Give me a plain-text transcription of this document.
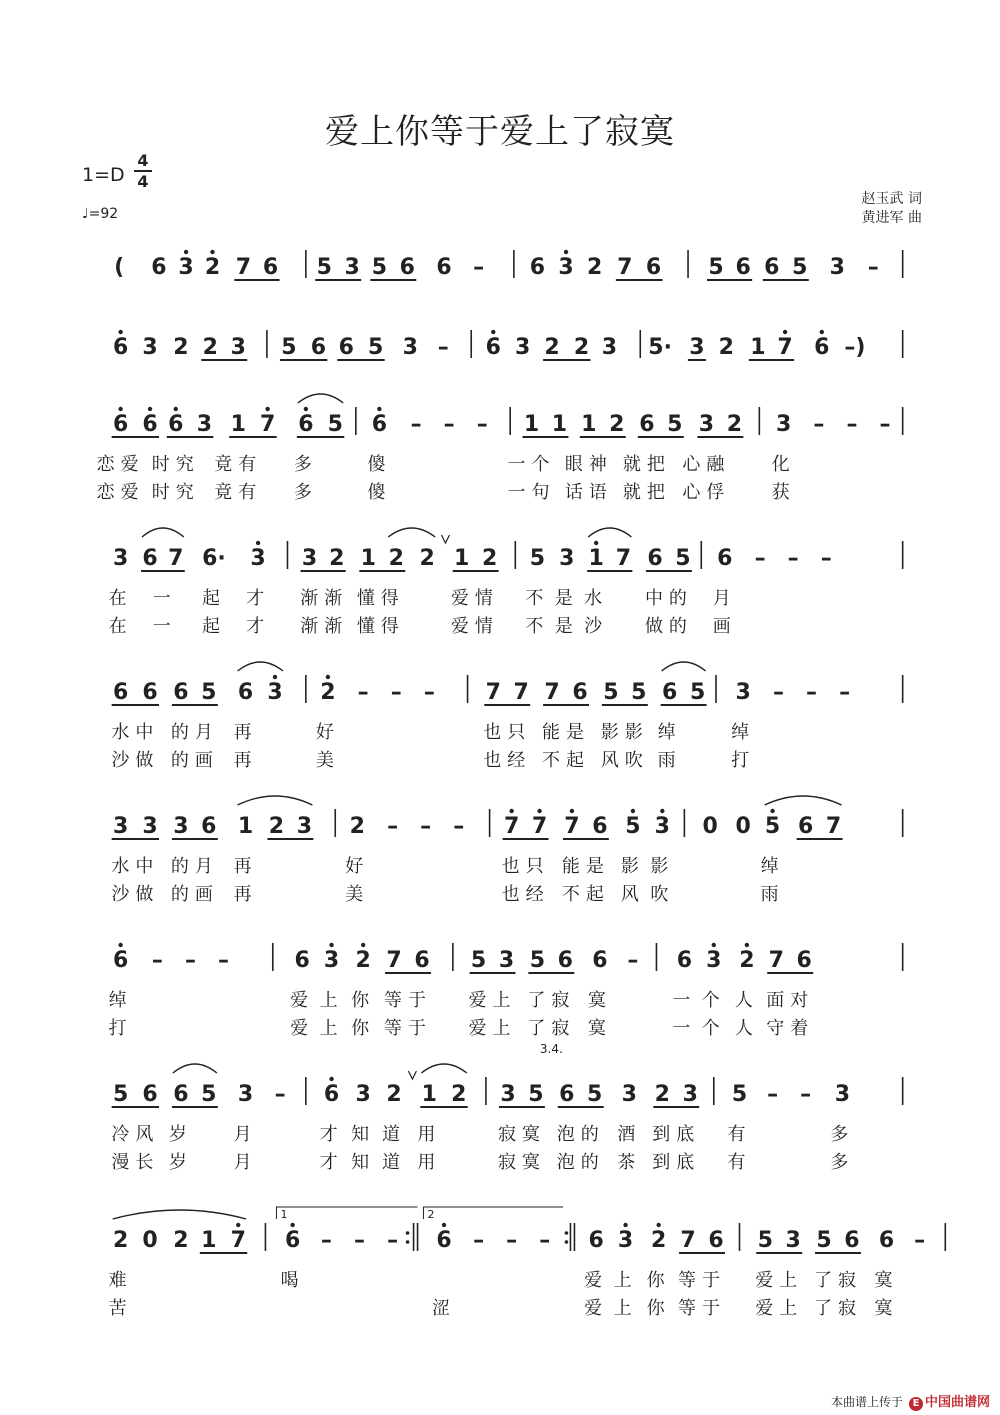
爱上你等于爱上了寂寞
1=D
4
4
♩=92
赵玉武 词
黄进军 曲
( 6 3 2 7 6 5 3 5 6 6 – 6 3 2 7 6 5 6 6 5 3 –
6 3 2 2 3 5 6 6 5 3 – 6 3 2 2 3 5· 3 2 1 7 6 –)
6 6 6 3 1 7 6 5 6 – – – 1 1 1 2 6 5 3 2 3 – – –
恋爱 时究 竟有 多	傻	一个 眼神 就把 心融 化
恋爱 时究 竟有 多	傻	一句 话语 就把 心俘 获
3 6 7 6· 3 3 2 1 2 2 1 2 5 3 1 7 6 5 6 – – –
在 一 起 才 渐渐 懂得	爱情 不 是 水 中的 月
在 一 起 才 渐渐 懂得	爱情 不 是 沙 做的 画
6 6 6 5 6 3 2 – – – 7 7 7 6 5 5 6 5 3 – – –
水中 的月 再	好	也只 能是 影影 绰	绰
沙做 的画 再	美	也经 不起 风吹 雨	打
3 3 3 6 1 2 3 2 – – – 7 7 7 6 5 3 0 0 5 6 7
水中 的月 再	好	也只 能是 影 影	绰
沙做 的画 再	美	也经 不起 风 吹	雨
6 – – –	6 3 2 7 6 5 3 5 6 6 – 6 3 2 7 6
绰	爱 上 你 等于 爱上 了寂 寞	一 个 人 面对
打	爱 上 你 等于 爱上 了寂 寞	一 个 人 守着
3.4.
5 6 6 5 3 – 6 3 2 1 2 3 5 6 5 3 2 3 5 – – 3
冷风 岁 月	才 知 道 用	寂寞 泡的 酒 到底 有	多
漫长 岁 月	才 知 道 用	寂寞 泡的 茶 到底 有	多
2 0 2 1 7 6 – – – 6 – – – 6 3 2 7 6 5 3 5 6 6 –
1	2
难	喝	爱 上 你 等于 爱上 了寂 寞
苦	涩	爱 上 你 等于 爱上 了寂 寞
本曲谱上传于 E 中国曲谱网
